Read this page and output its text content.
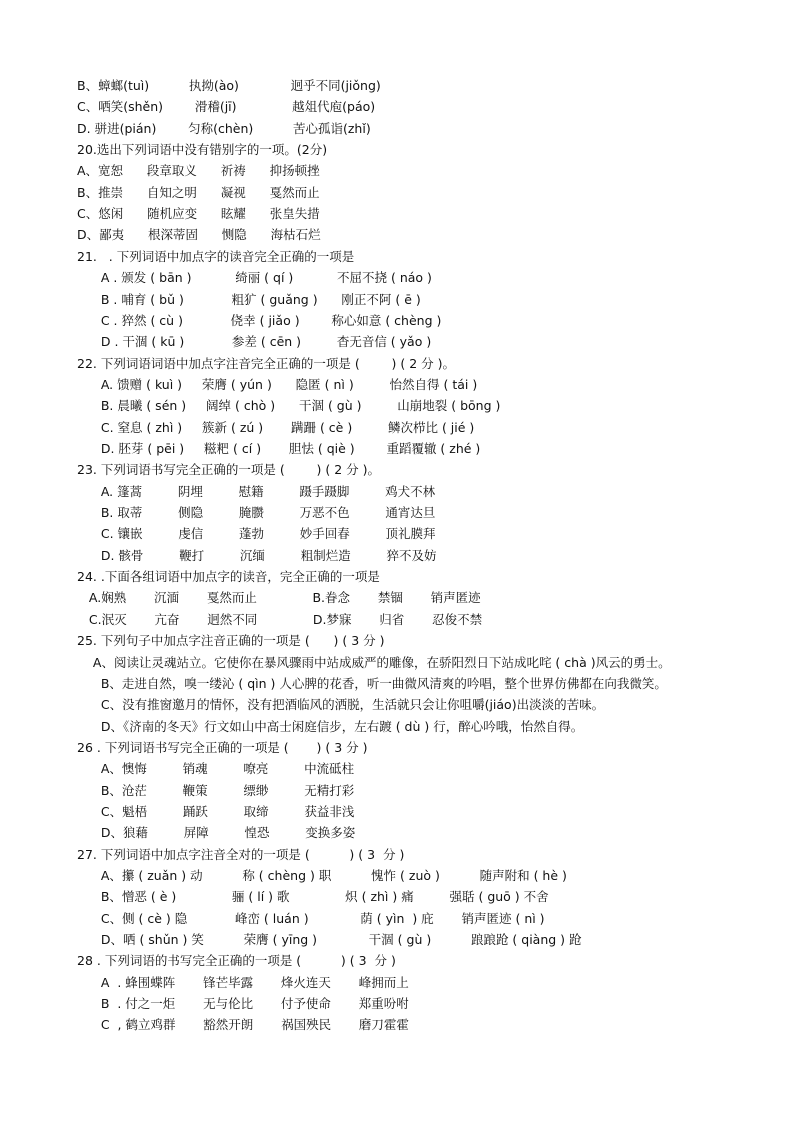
B、蟑螂(tuì)          执拗(ào)             迥乎不同(jiǒng)
C、哂笑(shěn)        滑稽(jī)              越俎代庖(páo)
D. 骈进(pián)        匀称(chèn)          苦心孤诣(zhǐ)
20.选出下列词语中没有错别字的一项。(2分)
A、宽恕      段章取义      祈祷      抑扬顿挫
B、推崇      自知之明      凝视      戛然而止
C、悠闲      随机应变      眩耀      张皇失措
D、鄙夷      根深蒂固      恻隐      海枯石烂
21.   . 下列词语中加点字的读音完全正确的一项是
A . 颁发 ( bān )           绮丽 ( qí )           不屈不挠 ( náo )
B . 哺育 ( bǔ )            粗犷 ( guǎng )      刚正不阿 ( ē )
C . 猝然 ( cù )            侥幸 ( jiǎo )        称心如意 ( chèng )
D . 干涸 ( kū )            参差 ( cēn )         杳无音信 ( yǎo )
22. 下列词语词语中加点字注音完全正确的一项是 (        ) ( 2 分 )。
A. 馈赠 ( kuì )     荣膺 ( yún )      隐匿 ( nì )         怡然自得 ( tái )
B. 晨曦 ( sén )     阔绰 ( chò )      干涸 ( gù )         山崩地裂 ( bōng )
C. 窒息 ( zhì )     簇新 ( zú )       蹒跚 ( cè )         鳞次栉比 ( jié )
D. 胚芽 ( pēi )     糍粑 ( cí )       胆怯 ( qiè )        重蹈覆辙 ( zhé )
23. 下列词语书写完全正确的一项是 (        ) ( 2 分 )。
A. 篷蒿         阴埋         慰籍         蹑手蹑脚         鸡犬不林
B. 取蒂         侧隐         腌臜         万恶不色         通宵达旦
C. 镶嵌         虔信         蓬勃         妙手回春         顶礼膜拜
D. 骸骨         鞭打         沉缅         粗制烂造         猝不及妨
24. .下面各组词语中加点字的读音，完全正确的一项是
A.娴熟       沉湎       戛然而止              B.眷念       禁锢       销声匿迹
C.泯灭       亢奋       迥然不同              D.梦寐       归省       忍俊不禁
25. 下列句子中加点字注音正确的一项是 (      ) ( 3 分 )
A、阅读让灵魂站立。它使你在暴风骤雨中站成威严的雕像，在骄阳烈日下站成叱咤 ( chà )风云的勇士。
B、走进自然，嗅一缕沁 ( qìn ) 人心脾的花香，听一曲微风清爽的吟唱，整个世界仿佛都在向我微笑。
C、没有推窗邀月的情怀，没有把酒临风的洒脱，生活就只会让你咀嚼(jiáo)出淡淡的苦味。
D、《济南的冬天》行文如山中高士闲庭信步，左右踱 ( dù ) 行，醉心吟哦，怡然自得。
26 . 下列词语书写完全正确的一项是 (       ) ( 3 分 )
A、懊悔         销魂         嘹亮         中流砥柱
B、沧茫         鞭策         缥缈         无精打彩
C、魁梧         踊跃         取缔         获益非浅
D、狼藉         屏障         惶恐         变换多姿
27. 下列词语中加点字注音全对的一项是 (          ) ( 3  分 )
A、攥 ( zuǎn ) 动          称 ( chèng ) 职          愧怍 ( zuò )          随声附和 ( hè )
B、憎恶 ( è )              骊 ( lí ) 歌              炽 ( zhì ) 痛         强聒 ( guō ) 不舍
C、侧 ( cè ) 隐            峰峦 ( luán )             荫 ( yìn  ) 庇       销声匿迹 ( nì )
D、哂 ( shǔn ) 笑          荣膺 ( yīng )             干涸 ( gù )          踉踉跄 ( qiàng ) 跄
28 . 下列词语的书写完全正确的一项是 (          ) ( 3  分 )
A  . 蜂围蝶阵       锋芒毕露       烽火连天       峰拥而上
B  . 付之一炬       无与伦比       付予使命       郑重吩咐
C  , 鹤立鸡群       豁然开朗       祸国殃民       磨刀霍霍
